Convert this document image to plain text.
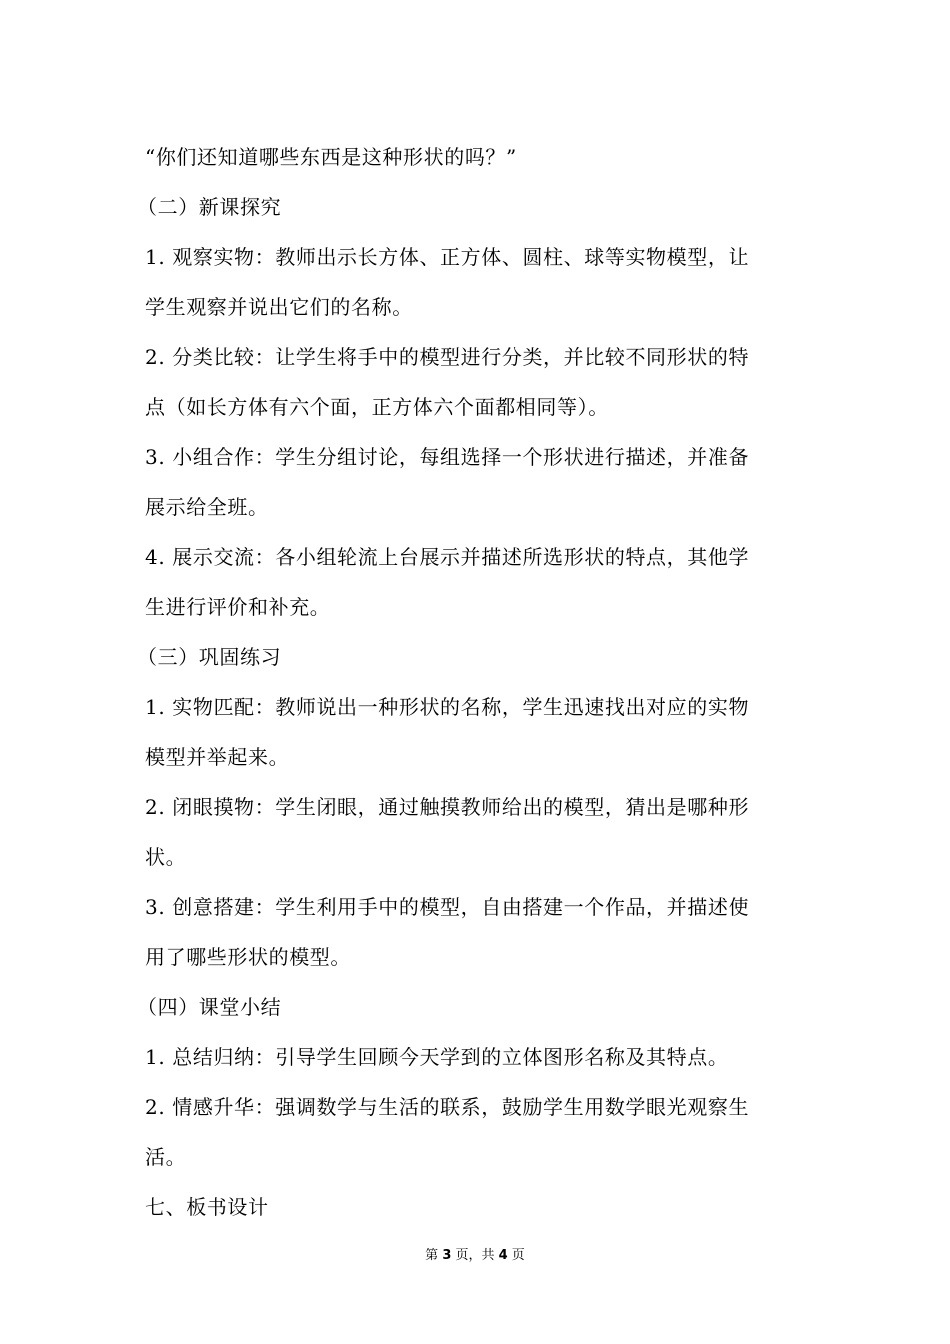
“你们还知道哪些东西是这种形状的吗？”
（二）新课探究
1. 观察实物：教师出示长方体、正方体、圆柱、球等实物模型，让
学生观察并说出它们的名称。
2. 分类比较：让学生将手中的模型进行分类，并比较不同形状的特
点（如长方体有六个面，正方体六个面都相同等）。
3. 小组合作：学生分组讨论，每组选择一个形状进行描述，并准备
展示给全班。
4. 展示交流：各小组轮流上台展示并描述所选形状的特点，其他学
生进行评价和补充。
（三）巩固练习
1. 实物匹配：教师说出一种形状的名称，学生迅速找出对应的实物
模型并举起来。
2. 闭眼摸物：学生闭眼，通过触摸教师给出的模型，猜出是哪种形
状。
3. 创意搭建：学生利用手中的模型，自由搭建一个作品，并描述使
用了哪些形状的模型。
（四）课堂小结
1. 总结归纳：引导学生回顾今天学到的立体图形名称及其特点。
2. 情感升华：强调数学与生活的联系，鼓励学生用数学眼光观察生
活。
七、板书设计
第 3 页，共 4 页
